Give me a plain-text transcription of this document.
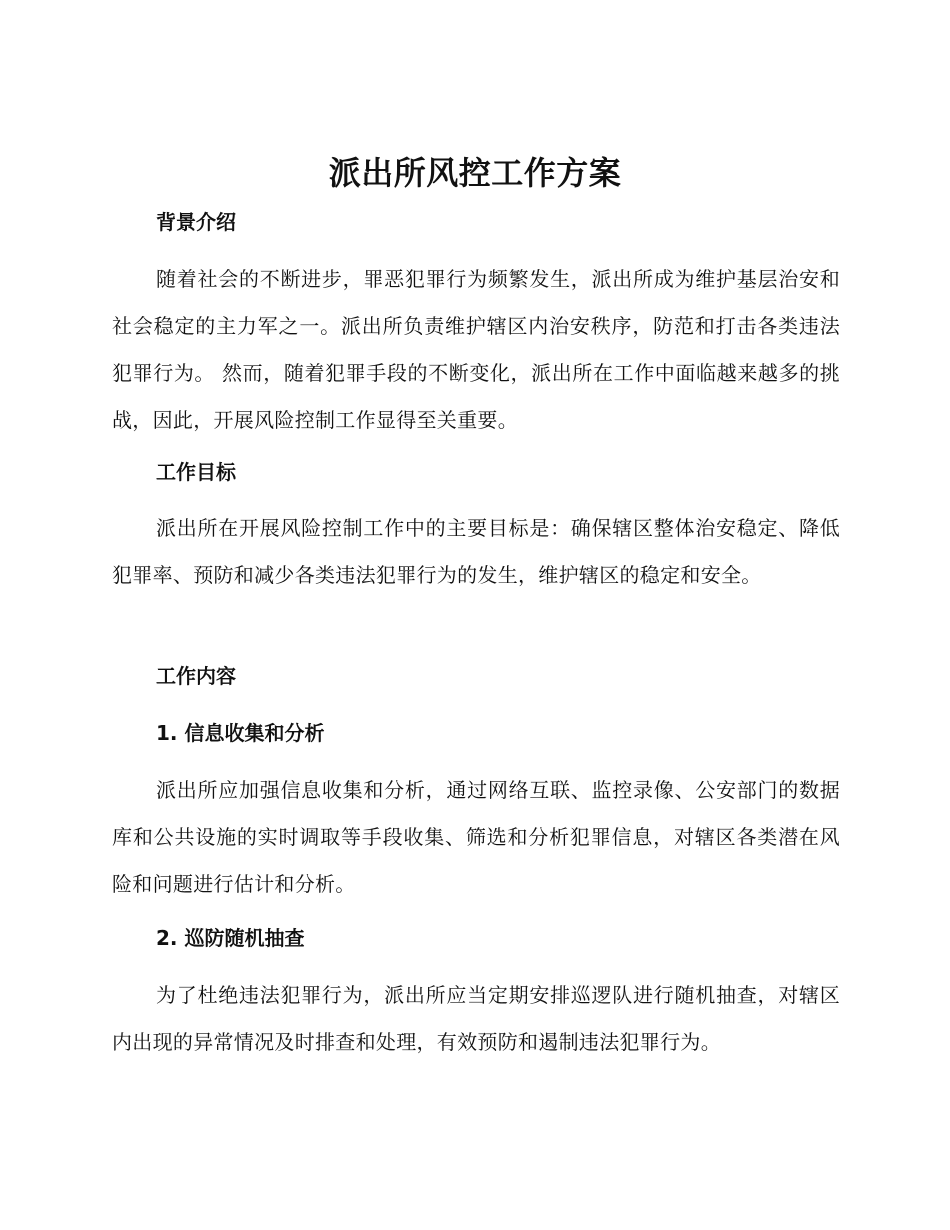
派出所风控工作方案
背景介绍

随着社会的不断进步，罪恶犯罪行为频繁发生，派出所成为维护基层治安和社会稳定的主力军之一。派出所负责维护辖区内治安秩序，防范和打击各类违法犯罪行为。 然而，随着犯罪手段的不断变化，派出所在工作中面临越来越多的挑战，因此，开展风险控制工作显得至关重要。

工作目标

派出所在开展风险控制工作中的主要目标是：确保辖区整体治安稳定、降低犯罪率、预防和减少各类违法犯罪行为的发生，维护辖区的稳定和安全。

工作内容
1. 信息收集和分析

派出所应加强信息收集和分析，通过网络互联、监控录像、公安部门的数据库和公共设施的实时调取等手段收集、筛选和分析犯罪信息，对辖区各类潜在风险和问题进行估计和分析。

2. 巡防随机抽查

为了杜绝违法犯罪行为，派出所应当定期安排巡逻队进行随机抽查，对辖区内出现的异常情况及时排查和处理，有效预防和遏制违法犯罪行为。
